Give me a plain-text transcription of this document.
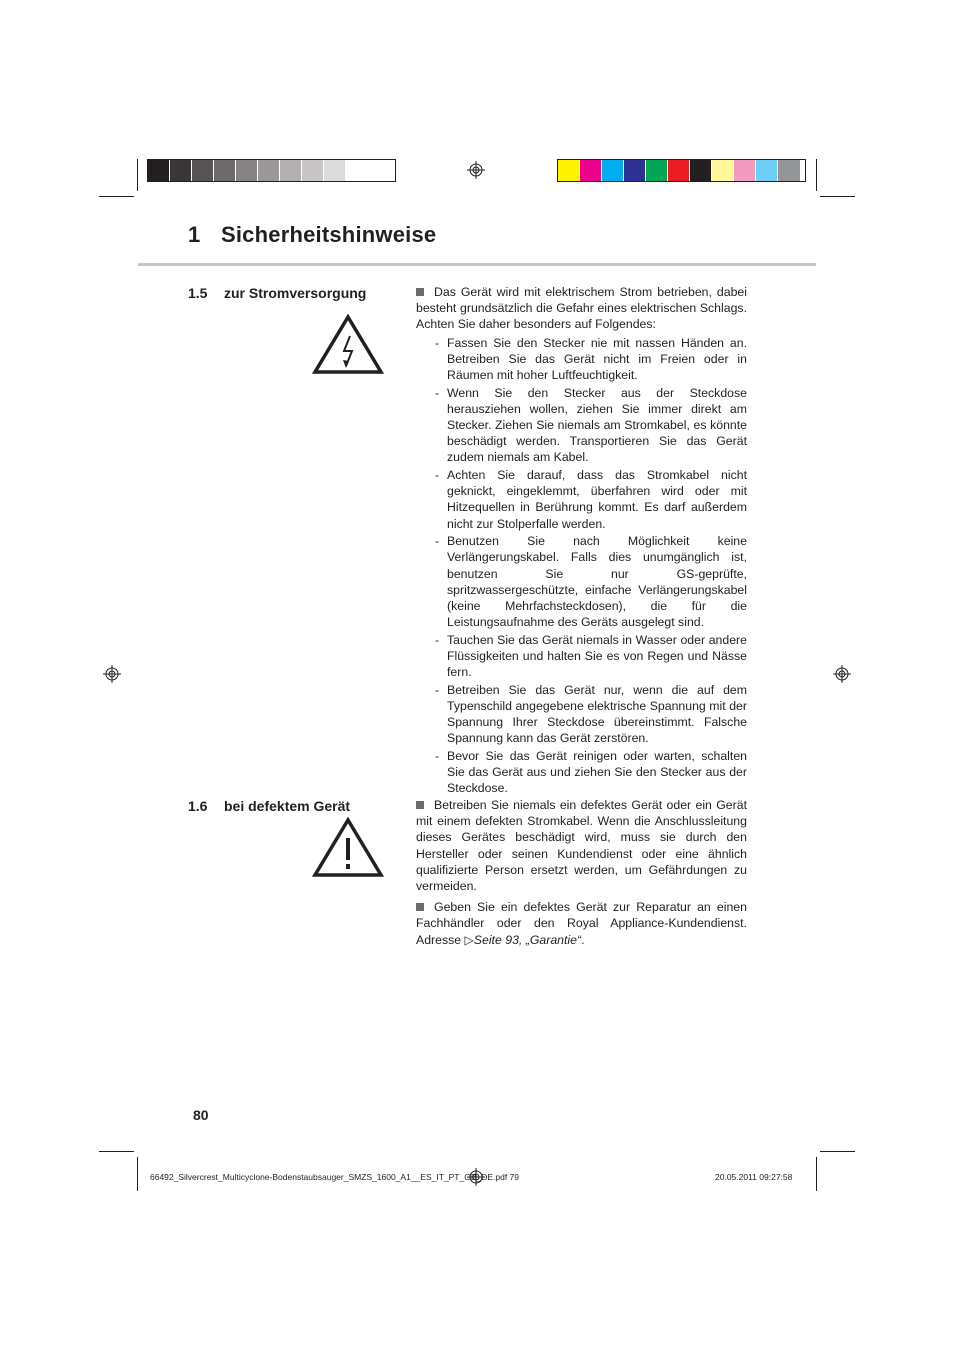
1 Sicherheitshinweise
1.5 zur Stromversorgung	Das Gerät wird mit elektrischem Strom betrieben, dabei besteht grundsätzlich die Gefahr eines elektrischen Schlags. Achten Sie daher besonders auf Folgendes:

- Fassen Sie den Stecker nie mit nassen Händen an. Betreiben Sie das Gerät nicht im Freien oder in Räumen mit hoher Luftfeuchtigkeit.
- Wenn Sie den Stecker aus der Steckdose herausziehen wollen, ziehen Sie immer direkt am Stecker. Ziehen Sie niemals am Stromkabel, es könnte beschädigt werden. Transportieren Sie das Gerät zudem niemals am Kabel.
- Achten Sie darauf, dass das Stromkabel nicht geknickt, eingeklemmt, überfahren wird oder mit Hitzequellen in Berührung kommt. Es darf außerdem nicht zur Stolperfalle werden.
- Benutzen Sie nach Möglichkeit keine Verlängerungskabel. Falls dies unumgänglich ist, benutzen Sie nur GS-geprüfte, spritzwassergeschützte, einfache Verlängerungskabel (keine Mehrfachsteckdosen), die für die Leistungsaufnahme des Geräts ausgelegt sind.
- Tauchen Sie das Gerät niemals in Wasser oder andere Flüssigkeiten und halten Sie es von Regen und Nässe fern.
- Betreiben Sie das Gerät nur, wenn die auf dem Typenschild angegebene elektrische Spannung mit der Spannung Ihrer Steckdose übereinstimmt. Falsche Spannung kann das Gerät zerstören.
- Bevor Sie das Gerät reinigen oder warten, schalten Sie das Gerät aus und ziehen Sie den Stecker aus der Steckdose.
1.6 bei defektem Gerät	Betreiben Sie niemals ein defektes Gerät oder ein Gerät mit einem defekten Stromkabel. Wenn die Anschlussleitung dieses Gerätes beschädigt wird, muss sie durch den Hersteller oder seinen Kundendienst oder eine ähnlich qualifizierte Person ersetzt werden, um Gefährdungen zu vermeiden.

Geben Sie ein defektes Gerät zur Reparatur an einen Fachhändler oder den Royal Appliance-Kundendienst. Adresse ▷Seite 93, „Garantie“.

80
66492_Silvercrest_Multicyclone-Bodenstaubsauger_SMZS_1600_A1__ES_IT_PT_GB_DE.pdf 79	20.05.2011 09:27:58
